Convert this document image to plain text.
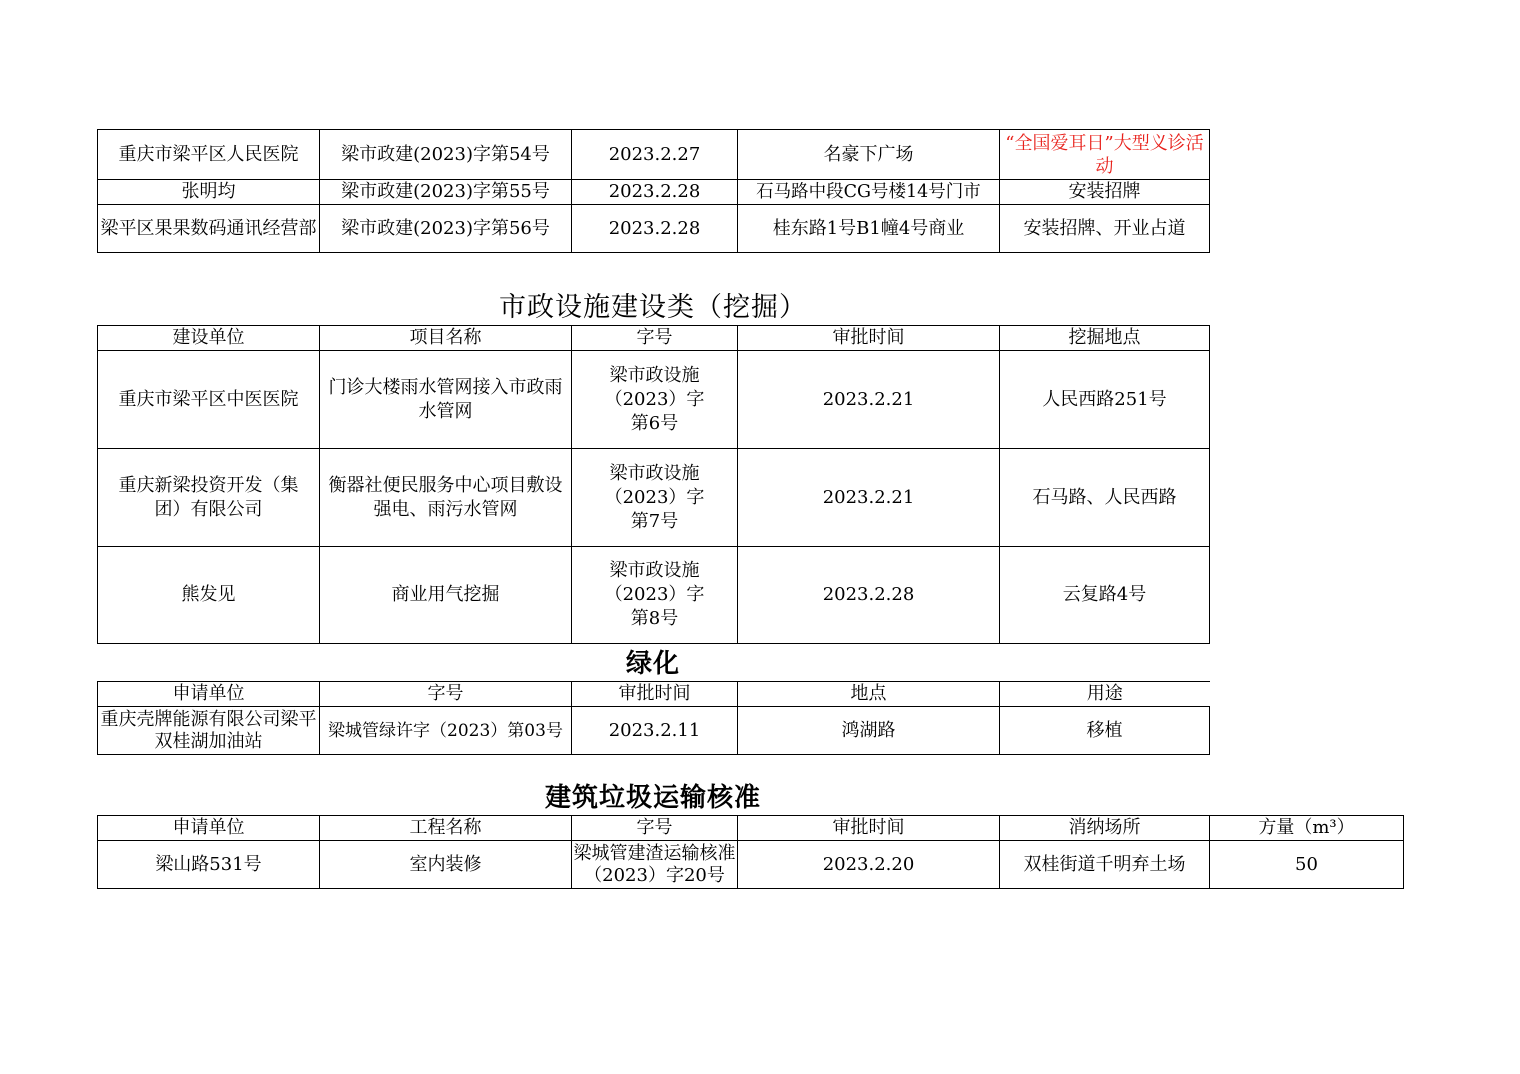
重庆市梁平区人民医院	梁市政建(2023)字第54号	2023.2.27	名豪下广场	“全国爱耳日”大型义诊活动
张明均	梁市政建(2023)字第55号	2023.2.28	石马路中段CG号楼14号门市	安装招牌
梁平区果果数码通讯经营部	梁市政建(2023)字第56号	2023.2.28	桂东路1号B1幢4号商业	安装招牌、开业占道
市政设施建设类（挖掘）
建设单位	项目名称	字号	审批时间	挖掘地点
重庆市梁平区中医医院	门诊大楼雨水管网接入市政雨水管网	梁市政设施（2023）字第6号	2023.2.21	人民西路251号
重庆新梁投资开发（集团）有限公司	衡器社便民服务中心项目敷设强电、雨污水管网	梁市政设施（2023）字第7号	2023.2.21	石马路、人民西路
熊发见	商业用气挖掘	梁市政设施（2023）字第8号	2023.2.28	云复路4号
绿化
申请单位	字号	审批时间	地点	用途
重庆壳牌能源有限公司梁平双桂湖加油站	梁城管绿许字（2023）第03号	2023.2.11	鸿湖路	移植
建筑垃圾运输核准
申请单位	工程名称	字号	审批时间	消纳场所	方量（m³）
梁山路531号	室内装修	梁城管建渣运输核准（2023）字20号	2023.2.20	双桂街道千明弃土场	50
